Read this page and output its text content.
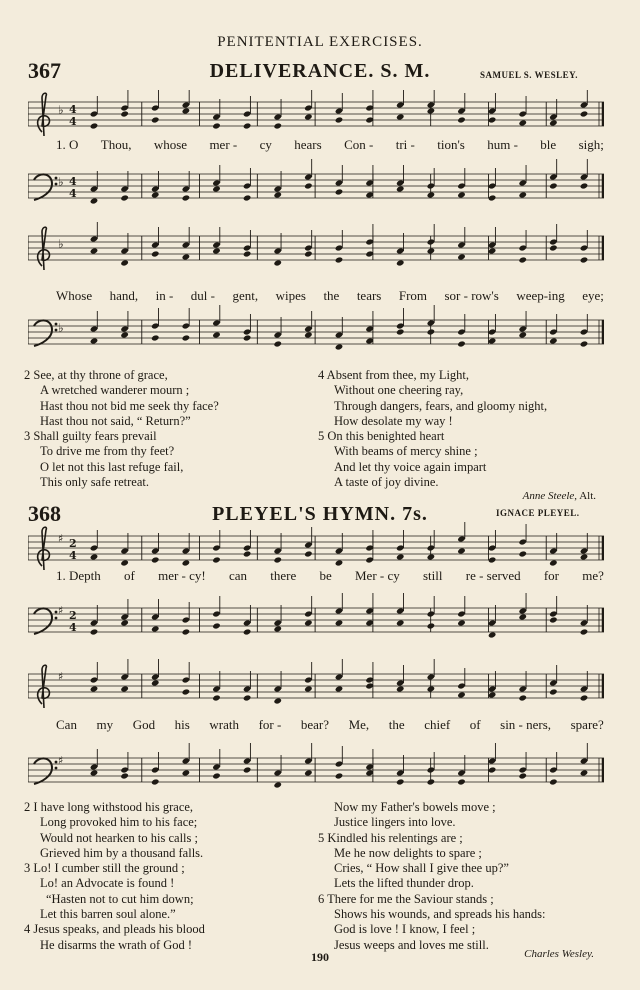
PENITENTIAL EXERCISES.
367	DELIVERANCE. S. M.	SAMUEL S. WESLEY.
♭ 4
4
♭ 4
4
1. O Thou, whose mer - cy hears Con - tri - tion's hum - ble sigh;
♭
♭
Whose hand, in - dul - gent, wipes the tears From sor - row's weep-ing eye;
2 See, at thy throne of grace,
A wretched wanderer mourn ;
Hast thou not bid me seek thy face?
Hast thou not said, “ Return?”
3 Shall guilty fears prevail
To drive me from thy feet?
O let not this last refuge fail,
This only safe retreat.
4 Absent from thee, my Light,
Without one cheering ray,
Through dangers, fears, and gloomy night,
How desolate my way !
5 On this benighted heart
With beams of mercy shine ;
And let thy voice again impart
A taste of joy divine.
Anne Steele, Alt.
368	PLEYEL'S HYMN. 7s.	IGNACE PLEYEL.
♯ 2
4
♯ 2
4
1. Depth of mer - cy! can there be Mer - cy still re - served for me?
♯
♯
Can my God his wrath for - bear? Me, the chief of sin - ners, spare?
2 I have long withstood his grace,
Long provoked him to his face;
Would not hearken to his calls ;
Grieved him by a thousand falls.
3 Lo! I cumber still the ground ;
Lo! an Advocate is found !
“Hasten not to cut him down;
Let this barren soul alone.”
4 Jesus speaks, and pleads his blood
He disarms the wrath of God !
Now my Father's bowels move ;
Justice lingers into love.
5 Kindled his relentings are ;
Me he now delights to spare ;
Cries, “ How shall I give thee up?”
Lets the lifted thunder drop.
6 There for me the Saviour stands ;
Shows his wounds, and spreads his hands:
God is love ! I know, I feel ;
Jesus weeps and loves me still.
Charles Wesley.
190
